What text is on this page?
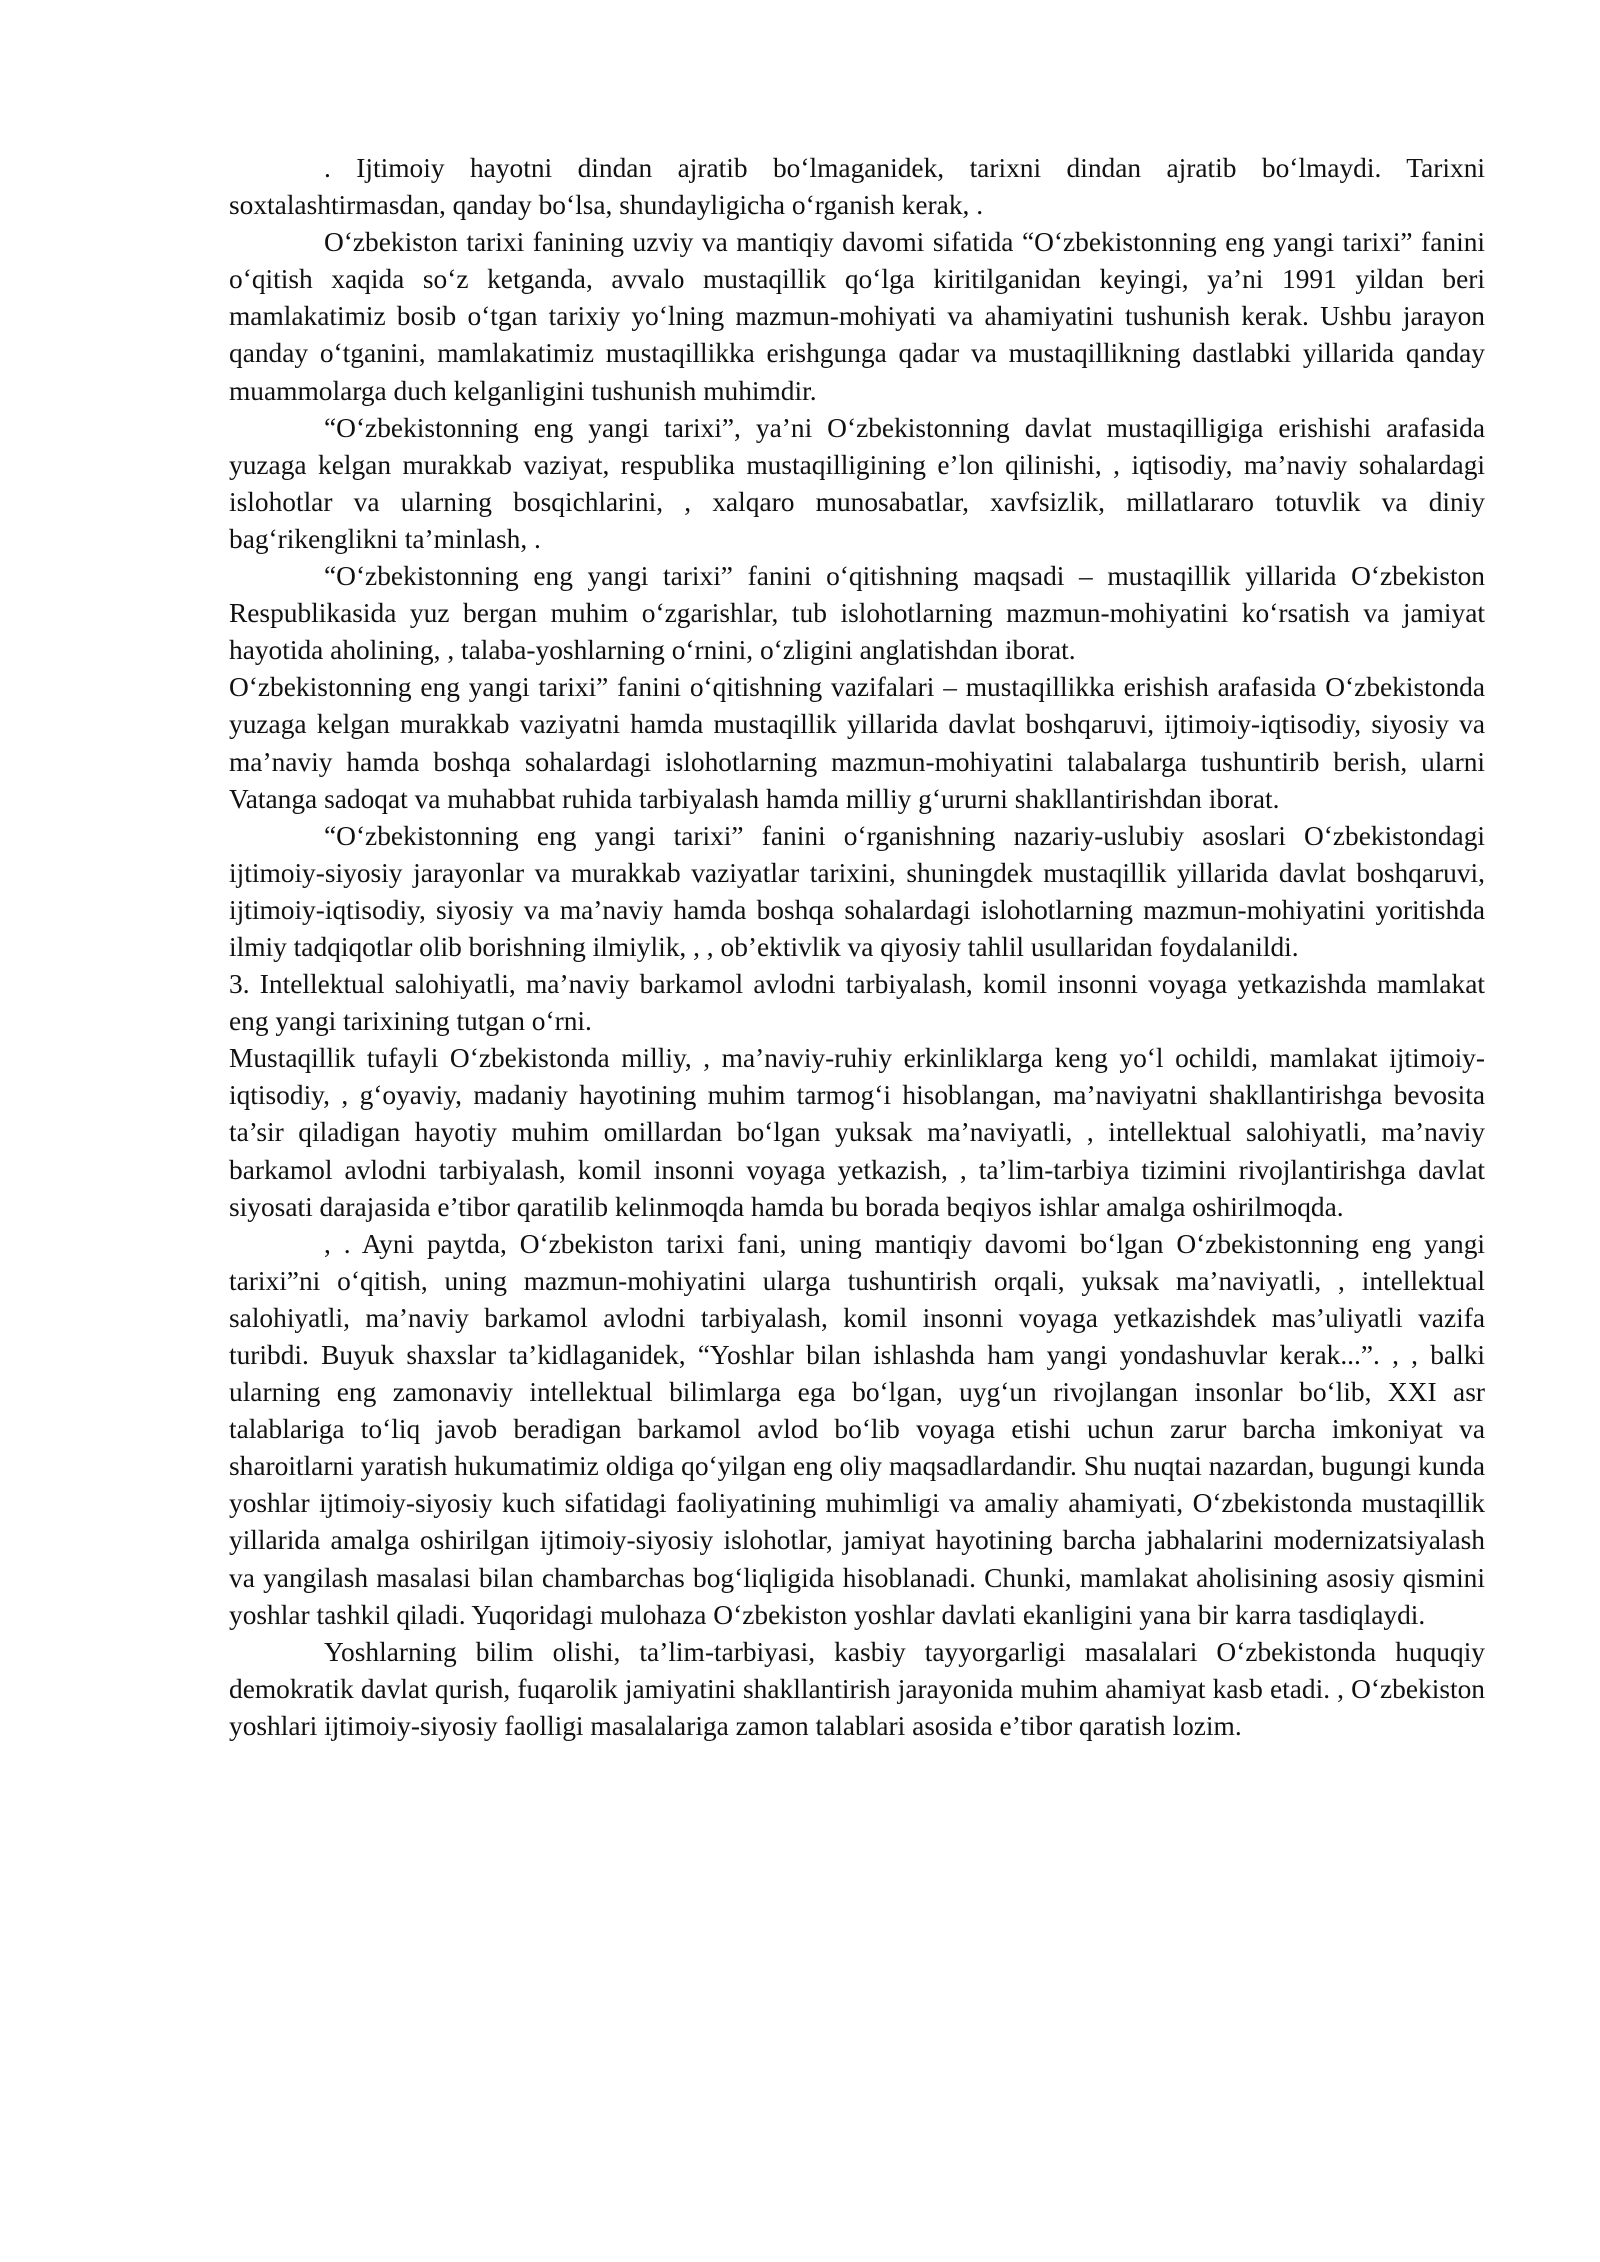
. Ijtimoiy hayotni dindan ajratib bo‘lmaganidek, tarixni dindan ajratib bo‘lmaydi. Tarixni soxtalashtirmasdan, qanday bo‘lsa, shundayligicha o‘rganish kerak, .

O‘zbekiston tarixi fanining uzviy va mantiqiy davomi sifatida “O‘zbekistonning eng yangi tarixi” fanini o‘qitish xaqida so‘z ketganda, avvalo mustaqillik qo‘lga kiritilganidan keyingi, ya’ni 1991 yildan beri mamlakatimiz bosib o‘tgan tarixiy yo‘lning mazmun-mohiyati va ahamiyatini tushunish kerak. Ushbu jarayon qanday o‘tganini, mamlakatimiz mustaqillikka erishgunga qadar va mustaqillikning dastlabki yillarida qanday muammolarga duch kelganligini tushunish muhimdir.

“O‘zbekistonning eng yangi tarixi”, ya’ni O‘zbekistonning davlat mustaqilligiga erishishi arafasida yuzaga kelgan murakkab vaziyat, respublika mustaqilligining e’lon qilinishi, , iqtisodiy, ma’naviy sohalardagi islohotlar va ularning bosqichlarini, , xalqaro munosabatlar, xavfsizlik, millatlararo totuvlik va diniy bag‘rikenglikni ta’minlash, .

“O‘zbekistonning eng yangi tarixi” fanini o‘qitishning maqsadi – mustaqillik yillarida O‘zbekiston Respublikasida yuz bergan muhim o‘zgarishlar, tub islohotlarning mazmun-mohiyatini ko‘rsatish va jamiyat hayotida aholining, , talaba-yoshlarning o‘rnini, o‘zligini anglatishdan iborat.

O‘zbekistonning eng yangi tarixi” fanini o‘qitishning vazifalari – mustaqillikka erishish arafasida O‘zbekistonda yuzaga kelgan murakkab vaziyatni hamda mustaqillik yillarida davlat boshqaruvi, ijtimoiy-iqtisodiy, siyosiy va ma’naviy hamda boshqa sohalardagi islohotlarning mazmun-mohiyatini talabalarga tushuntirib berish, ularni Vatanga sadoqat va muhabbat ruhida tarbiyalash hamda milliy g‘ururni shakllantirishdan iborat.

“O‘zbekistonning eng yangi tarixi” fanini o‘rganishning nazariy-uslubiy asoslari O‘zbekistondagi ijtimoiy-siyosiy jarayonlar va murakkab vaziyatlar tarixini, shuningdek mustaqillik yillarida davlat boshqaruvi, ijtimoiy-iqtisodiy, siyosiy va ma’naviy hamda boshqa sohalardagi islohotlarning mazmun-mohiyatini yoritishda ilmiy tadqiqotlar olib borishning ilmiylik, , , ob’ektivlik va qiyosiy tahlil usullaridan foydalanildi.

3. Intellektual salohiyatli, ma’naviy barkamol avlodni tarbiyalash, komil insonni voyaga yetkazishda mamlakat eng yangi tarixining tutgan o‘rni.

Mustaqillik tufayli O‘zbekistonda milliy, , ma’naviy-ruhiy erkinliklarga keng yo‘l ochildi, mamlakat ijtimoiy-iqtisodiy, , g‘oyaviy, madaniy hayotining muhim tarmog‘i hisoblangan, ma’naviyatni shakllantirishga bevosita ta’sir qiladigan hayotiy muhim omillardan bo‘lgan yuksak ma’naviyatli, , intellektual salohiyatli, ma’naviy barkamol avlodni tarbiyalash, komil insonni voyaga yetkazish, , ta’lim-tarbiya tizimini rivojlantirishga davlat siyosati darajasida e’tibor qaratilib kelinmoqda hamda bu borada beqiyos ishlar amalga oshirilmoqda.

, . Ayni paytda, O‘zbekiston tarixi fani, uning mantiqiy davomi bo‘lgan O‘zbekistonning eng yangi tarixi”ni o‘qitish, uning mazmun-mohiyatini ularga tushuntirish orqali, yuksak ma’naviyatli, , intellektual salohiyatli, ma’naviy barkamol avlodni tarbiyalash, komil insonni voyaga yetkazishdek mas’uliyatli vazifa turibdi. Buyuk shaxslar ta’kidlaganidek, “Yoshlar bilan ishlashda ham yangi yondashuvlar kerak...”. , , balki ularning eng zamonaviy intellektual bilimlarga ega bo‘lgan, uyg‘un rivojlangan insonlar bo‘lib, XXI asr talablariga to‘liq javob beradigan barkamol avlod bo‘lib voyaga etishi uchun zarur barcha imkoniyat va sharoitlarni yaratish hukumatimiz oldiga qo‘yilgan eng oliy maqsadlardandir. Shu nuqtai nazardan, bugungi kunda yoshlar ijtimoiy-siyosiy kuch sifatidagi faoliyatining muhimligi va amaliy ahamiyati, O‘zbekistonda mustaqillik yillarida amalga oshirilgan ijtimoiy-siyosiy islohotlar, jamiyat hayotining barcha jabhalarini modernizatsiyalash va yangilash masalasi bilan chambarchas bog‘liqligida hisoblanadi. Chunki, mamlakat aholisining asosiy qismini yoshlar tashkil qiladi. Yuqoridagi mulohaza O‘zbekiston yoshlar davlati ekanligini yana bir karra tasdiqlaydi.

Yoshlarning bilim olishi, ta’lim-tarbiyasi, kasbiy tayyorgarligi masalalari O‘zbekistonda huquqiy demokratik davlat qurish, fuqarolik jamiyatini shakllantirish jarayonida muhim ahamiyat kasb etadi. , O‘zbekiston yoshlari ijtimoiy-siyosiy faolligi masalalariga zamon talablari asosida e’tibor qaratish lozim.
